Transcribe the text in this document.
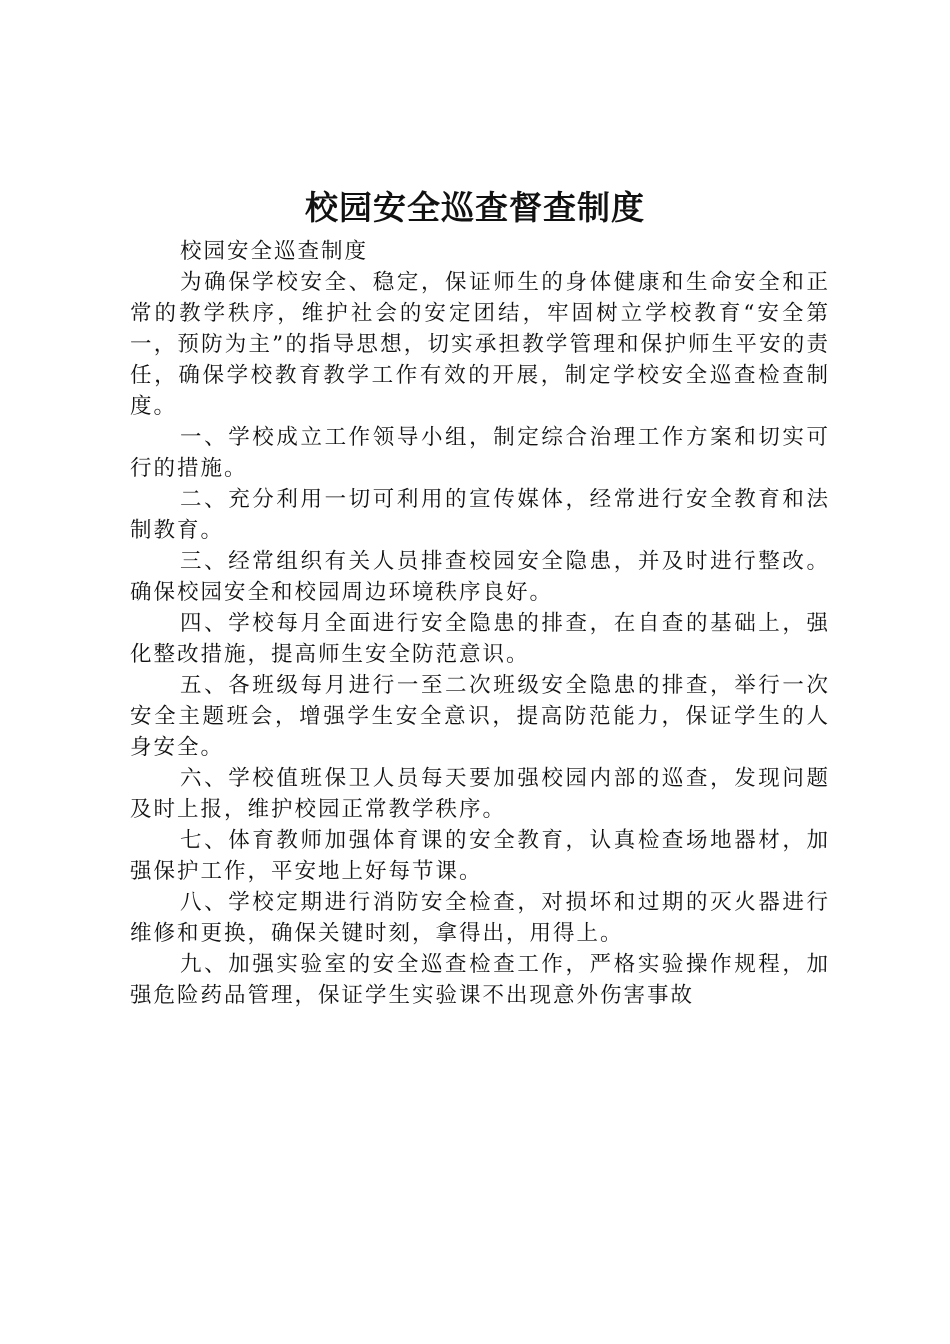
校园安全巡查督查制度

校园安全巡查制度

为确保学校安全、稳定，保证师生的身体健康和生命安全和正常的教学秩序，维护社会的安定团结，牢固树立学校教育“安全第一，预防为主”的指导思想，切实承担教学管理和保护师生平安的责任，确保学校教育教学工作有效的开展，制定学校安全巡查检查制度。

一、学校成立工作领导小组，制定综合治理工作方案和切实可行的措施。

二、充分利用一切可利用的宣传媒体，经常进行安全教育和法制教育。

三、经常组织有关人员排查校园安全隐患，并及时进行整改。确保校园安全和校园周边环境秩序良好。

四、学校每月全面进行安全隐患的排查，在自查的基础上，强化整改措施，提高师生安全防范意识。

五、各班级每月进行一至二次班级安全隐患的排查，举行一次安全主题班会，增强学生安全意识，提高防范能力，保证学生的人身安全。

六、学校值班保卫人员每天要加强校园内部的巡查，发现问题及时上报，维护校园正常教学秩序。

七、体育教师加强体育课的安全教育，认真检查场地器材，加强保护工作，平安地上好每节课。

八、学校定期进行消防安全检查，对损坏和过期的灭火器进行维修和更换，确保关键时刻，拿得出，用得上。

九、加强实验室的安全巡查检查工作，严格实验操作规程，加强危险药品管理，保证学生实验课不出现意外伤害事故
